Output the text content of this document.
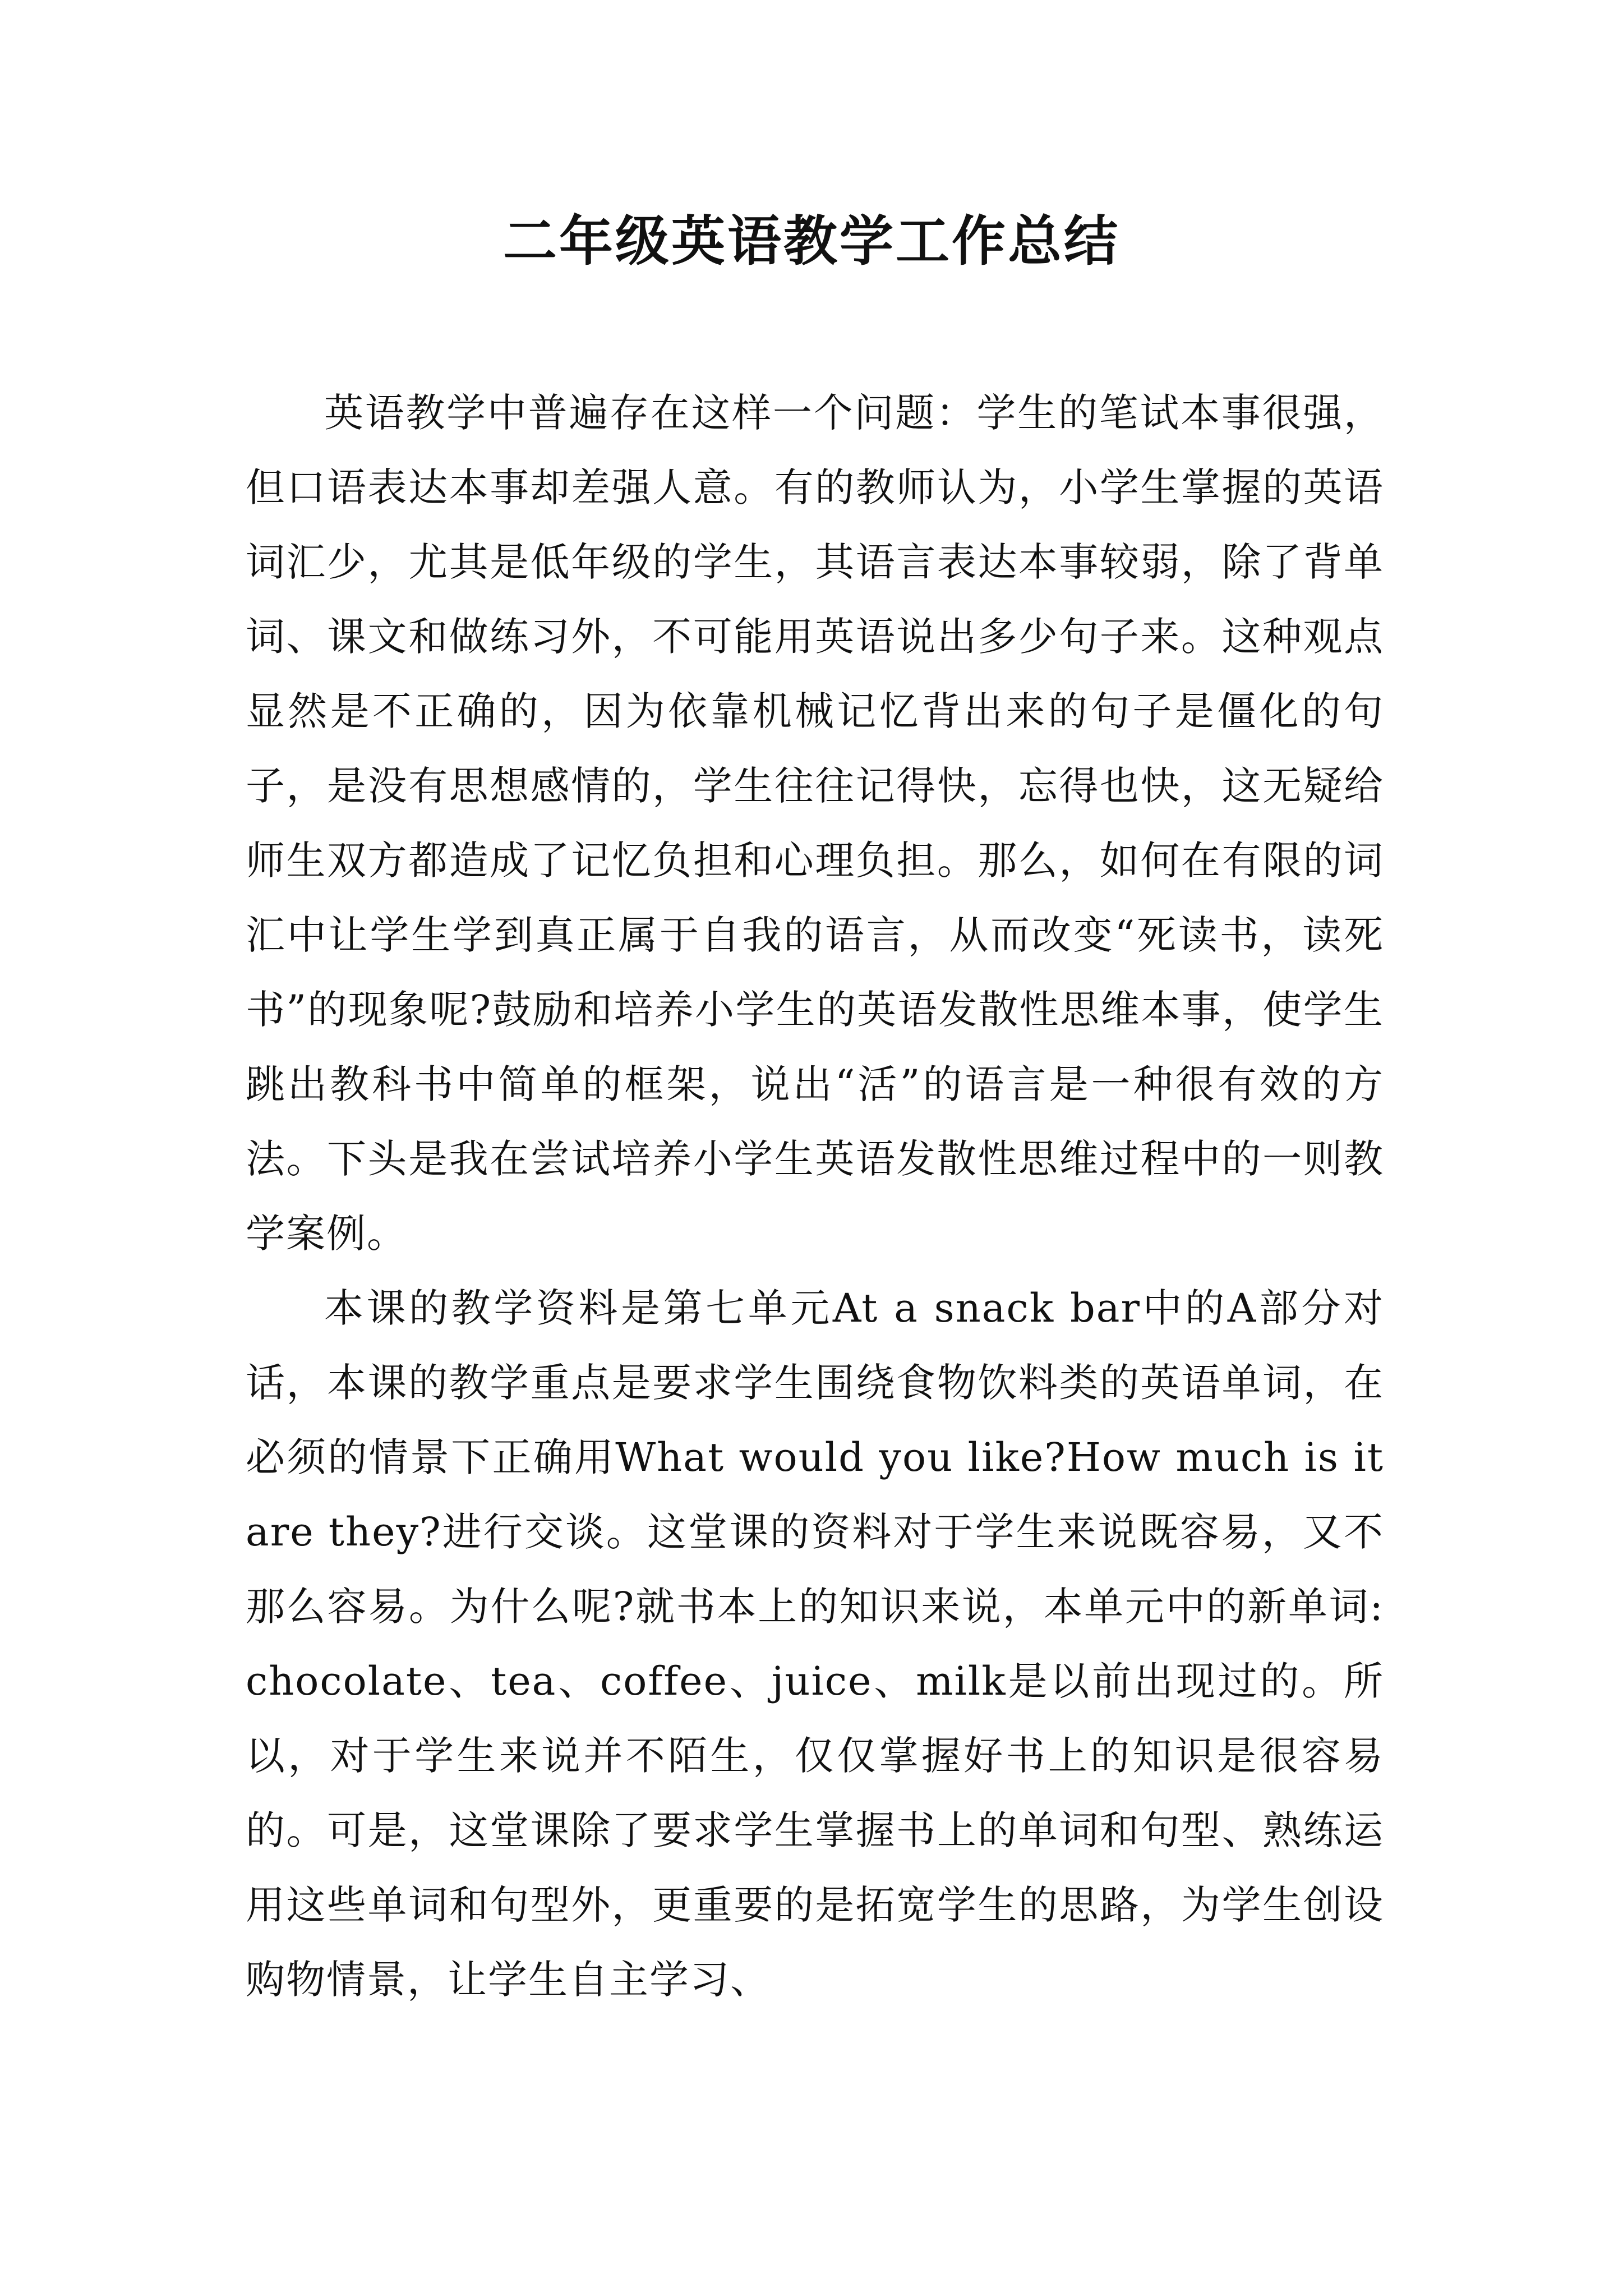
二年级英语教学工作总结

英语教学中普遍存在这样一个问题：学生的笔试本事很强，但口语表达本事却差强人意。有的教师认为，小学生掌握的英语词汇少，尤其是低年级的学生，其语言表达本事较弱，除了背单词、课文和做练习外，不可能用英语说出多少句子来。这种观点显然是不正确的，因为依靠机械记忆背出来的句子是僵化的句子，是没有思想感情的，学生往往记得快，忘得也快，这无疑给师生双方都造成了记忆负担和心理负担。那么，如何在有限的词汇中让学生学到真正属于自我的语言，从而改变“死读书，读死书”的现象呢?鼓励和培养小学生的英语发散性思维本事，使学生跳出教科书中简单的框架，说出“活”的语言是一种很有效的方法。下头是我在尝试培养小学生英语发散性思维过程中的一则教学案例。

本课的教学资料是第七单元At a snack bar中的A部分对话，本课的教学重点是要求学生围绕食物饮料类的英语单词，在必须的情景下正确用What would you like?How much is itare they?进行交谈。这堂课的资料对于学生来说既容易，又不那么容易。为什么呢?就书本上的知识来说，本单元中的新单词:chocolate、tea、coffee、juice、milk是以前出现过的。所以，对于学生来说并不陌生，仅仅掌握好书上的知识是很容易的。可是，这堂课除了要求学生掌握书上的单词和句型、熟练运用这些单词和句型外，更重要的是拓宽学生的思路，为学生创设购物情景，让学生自主学习、
